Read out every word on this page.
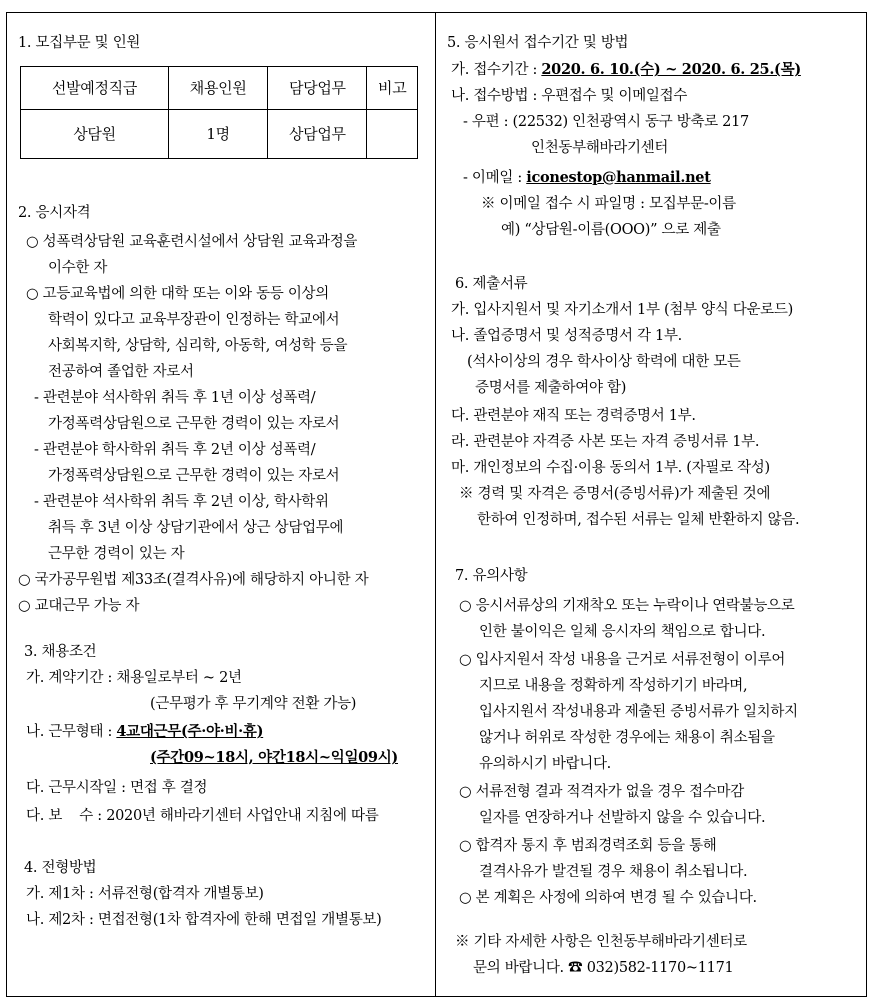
1. 모집부문 및 인원
선발예정직급	채용인원	담당업무	비고
상담원	1명	상담업무	
2. 응시자격
○ 성폭력상담원 교육훈련시설에서 상담원 교육과정을
이수한 자
○ 고등교육법에 의한 대학 또는 이와 동등 이상의
학력이 있다고 교육부장관이 인정하는 학교에서
사회복지학, 상담학, 심리학, 아동학, 여성학 등을
전공하여 졸업한 자로서
- 관련분야 석사학위 취득 후 1년 이상 성폭력/
가정폭력상담원으로 근무한 경력이 있는 자로서
- 관련분야 학사학위 취득 후 2년 이상 성폭력/
가정폭력상담원으로 근무한 경력이 있는 자로서
- 관련분야 석사학위 취득 후 2년 이상, 학사학위
취득 후 3년 이상 상담기관에서 상근 상담업무에
근무한 경력이 있는 자
○ 국가공무원법 제33조(결격사유)에 해당하지 아니한 자
○ 교대근무 가능 자
3. 채용조건
가. 계약기간 : 채용일로부터 ~ 2년
(근무평가 후 무기계약 전환 가능)
나. 근무형태 : 4교대근무(주·야·비·휴)
(주간09~18시, 야간18시~익일09시)
다. 근무시작일 : 면접 후 결정
다. 보    수 : 2020년 해바라기센터 사업안내 지침에 따름
4. 전형방법
가. 제1차 : 서류전형(합격자 개별통보)
나. 제2차 : 면접전형(1차 합격자에 한해 면접일 개별통보)
5. 응시원서 접수기간 및 방법
가. 접수기간 : 2020. 6. 10.(수) ~ 2020. 6. 25.(목)
나. 접수방법 : 우편접수 및 이메일접수
- 우편 : (22532) 인천광역시 동구 방축로 217
인천동부해바라기센터
- 이메일 : iconestop@hanmail.net
※ 이메일 접수 시 파일명 : 모집부문-이름
예) “상담원-이름(OOO)” 으로 제출
6. 제출서류
가. 입사지원서 및 자기소개서 1부 (첨부 양식 다운로드)
나. 졸업증명서 및 성적증명서 각 1부.
(석사이상의 경우 학사이상 학력에 대한 모든
증명서를 제출하여야 함)
다. 관련분야 재직 또는 경력증명서 1부.
라. 관련분야 자격증 사본 또는 자격 증빙서류 1부.
마. 개인정보의 수집·이용 동의서 1부. (자필로 작성)
※ 경력 및 자격은 증명서(증빙서류)가 제출된 것에
한하여 인정하며, 접수된 서류는 일체 반환하지 않음.
7. 유의사항
○ 응시서류상의 기재착오 또는 누락이나 연락불능으로
인한 불이익은 일체 응시자의 책임으로 합니다.
○ 입사지원서 작성 내용을 근거로 서류전형이 이루어
지므로 내용을 정확하게 작성하기기 바라며,
입사지원서 작성내용과 제출된 증빙서류가 일치하지
않거나 허위로 작성한 경우에는 채용이 취소됨을
유의하시기 바랍니다.
○ 서류전형 결과 적격자가 없을 경우 접수마감
일자를 연장하거나 선발하지 않을 수 있습니다.
○ 합격자 통지 후 범죄경력조회 등을 통해
결격사유가 발견될 경우 채용이 취소됩니다.
○ 본 계획은 사정에 의하여 변경 될 수 있습니다.
※ 기타 자세한 사항은 인천동부해바라기센터로
문의 바랍니다. ☎ 032)582-1170~1171
